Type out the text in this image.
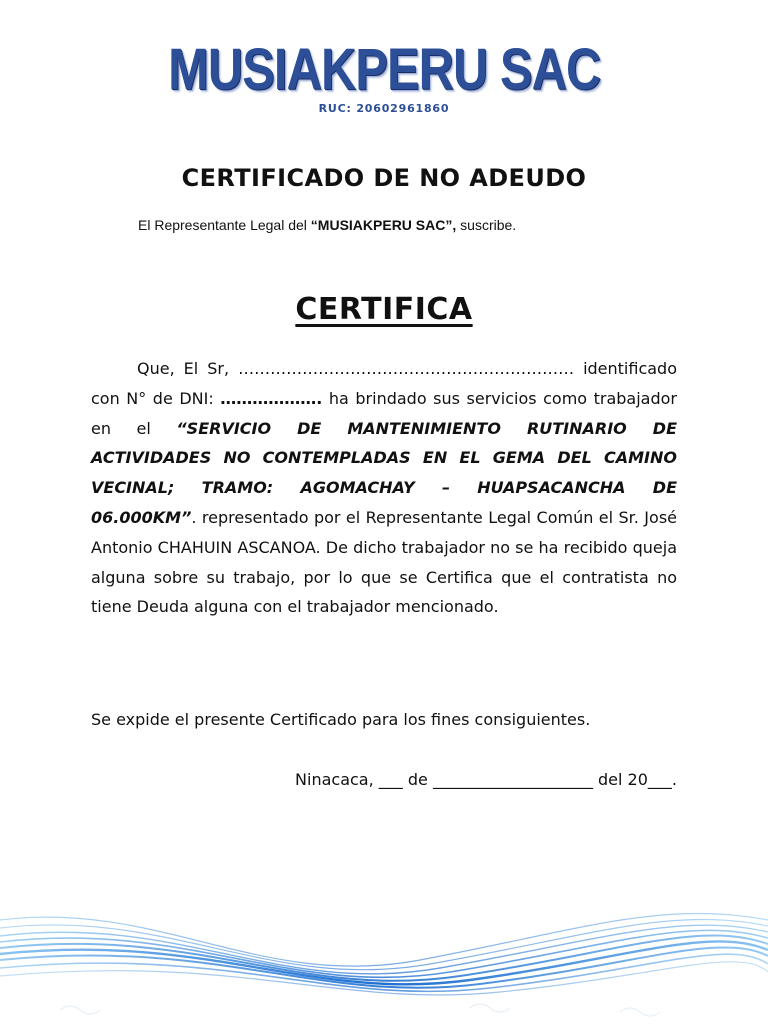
MUSIAKPERU SAC
RUC: 20602961860
CERTIFICADO DE NO ADEUDO
El Representante Legal del “MUSIAKPERU SAC”, suscribe.
CERTIFICA
Que, El Sr, ……………………………………………………… identificado con N° de DNI: ………………. ha brindado sus servicios como trabajador en el “SERVICIO DE MANTENIMIENTO RUTINARIO DE ACTIVIDADES NO CONTEMPLADAS EN EL GEMA DEL CAMINO VECINAL; TRAMO: AGOMACHAY – HUAPSACANCHA DE 06.000KM”. representado por el Representante Legal Común el Sr. José Antonio CHAHUIN ASCANOA. De dicho trabajador no se ha recibido queja alguna sobre su trabajo, por lo que se Certifica que el contratista no tiene Deuda alguna con el trabajador mencionado.
Se expide el presente Certificado para los fines consiguientes.
Ninacaca, ___ de ____________________ del 20___.
